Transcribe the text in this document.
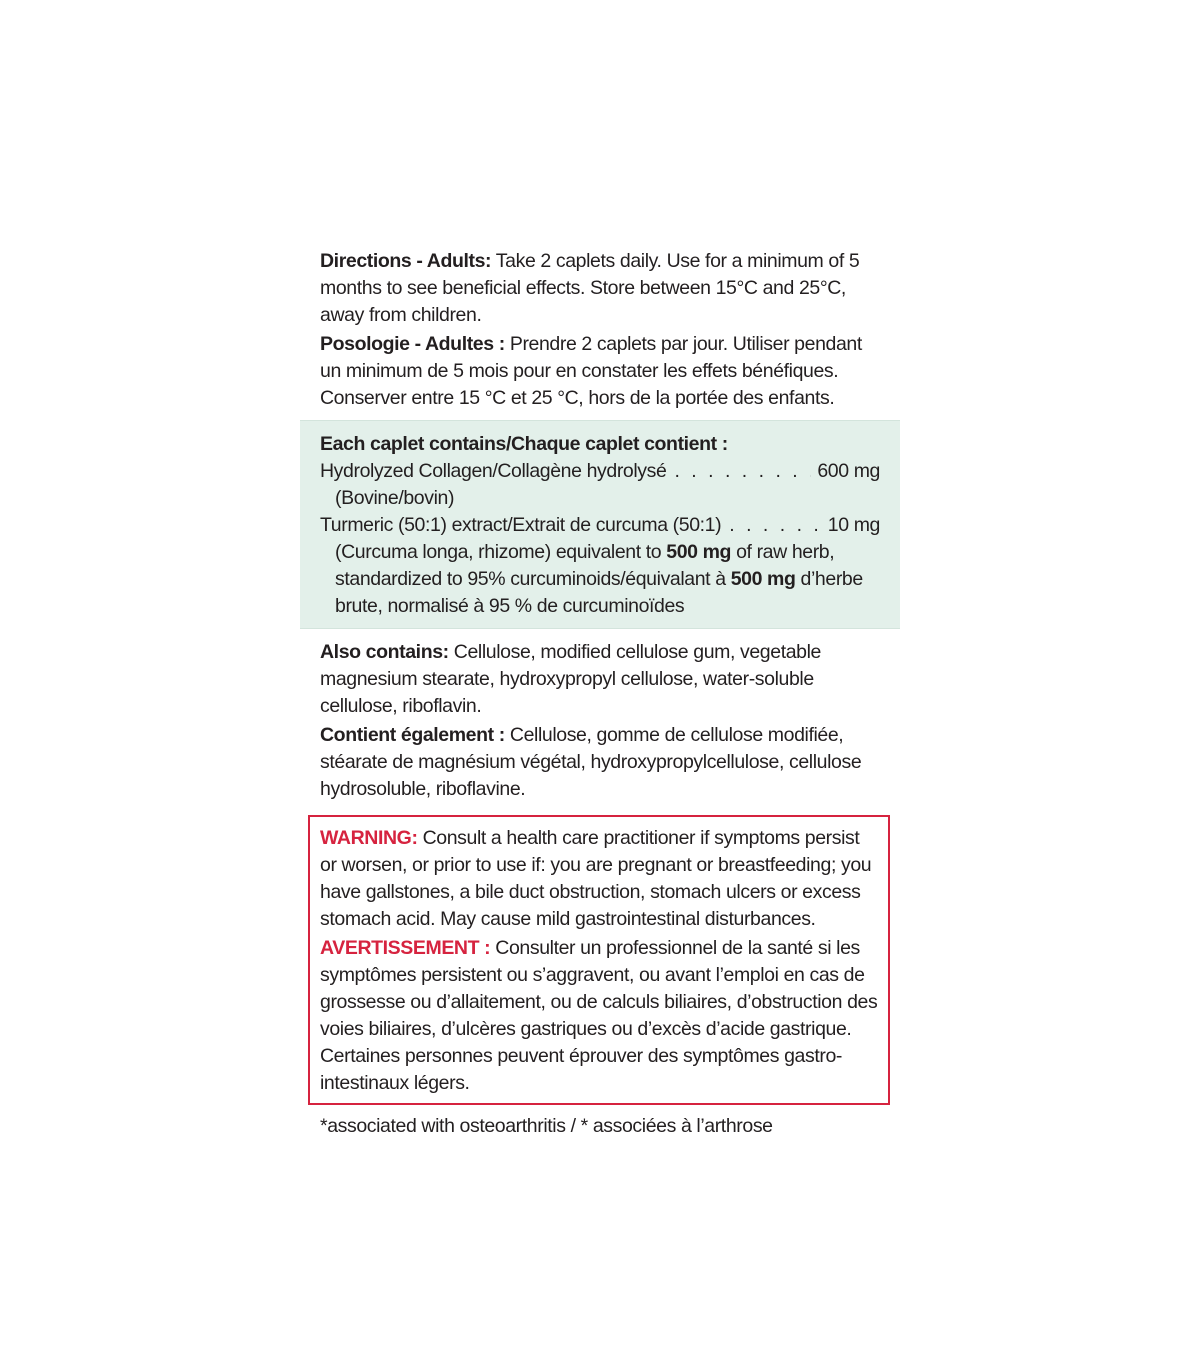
Directions - Adults: Take 2 caplets daily. Use for a minimum of 5 months to see beneficial effects. Store between 15°C and 25°C, away from children.

Posologie - Adultes : Prendre 2 caplets par jour. Utiliser pendant un minimum de 5 mois pour en constater les effets bénéfiques. Conserver entre 15 °C et 25 °C, hors de la portée des enfants.

Each caplet contains/Chaque caplet contient :
Hydrolyzed Collagen/Collagène hydrolysé . . .	600 mg
(Bovine/bovin)
Turmeric (50:1) extract/Extrait de curcuma (50:1) . . .	10 mg
(Curcuma longa, rhizome) equivalent to 500 mg of raw herb, standardized to 95% curcuminoids/équivalant à 500 mg d’herbe brute, normalisé à 95 % de curcuminoïdes

Also contains: Cellulose, modified cellulose gum, vegetable magnesium stearate, hydroxypropyl cellulose, water-soluble cellulose, riboflavin.

Contient également : Cellulose, gomme de cellulose modifiée, stéarate de magnésium végétal, hydroxypropylcellulose, cellulose hydrosoluble, riboflavine.

WARNING: Consult a health care practitioner if symptoms persist or worsen, or prior to use if: you are pregnant or breastfeeding; you have gallstones, a bile duct obstruction, stomach ulcers or excess stomach acid. May cause mild gastrointestinal disturbances.

AVERTISSEMENT : Consulter un professionnel de la santé si les symptômes persistent ou s’aggravent, ou avant l’emploi en cas de grossesse ou d’allaitement, ou de calculs biliaires, d’obstruction des voies biliaires, d’ulcères gastriques ou d’excès d’acide gastrique. Certaines personnes peuvent éprouver des symptômes gastro-intestinaux légers.

*associated with osteoarthritis / * associées à l’arthrose
